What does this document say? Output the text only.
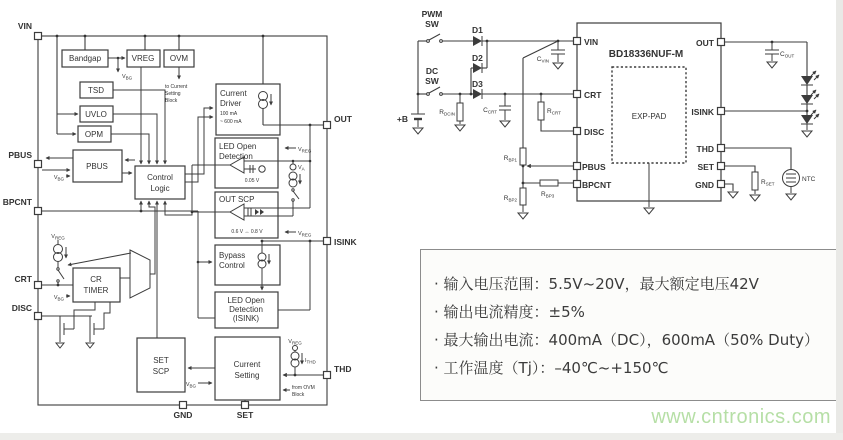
Bandgap	VREG OVM
$V_{BG}$
to Current
Setting
Block
TSD
UVLO
OPM
PBUS
$V_{BG}$	Control
Logic
Current
Driver
100 mA
~ 600 mA
LED Open
Detection
0.05 V
$V_{REG}$
$V_A$
OUT SCP
0.6 V ↔ 0.8 V	$V_{REG}$
$V_{REG}$
CR
TIMER
$V_{BG}$
Bypass
Control
LED Open
Detection
(ISINK)
SET
SCP
Current
Setting
$V_{BG}$	from OVM
Block
$V_{REG}$
$I_{THD}$
VIN
PBUS
BPCNT
CRT
DISC
GND	SET
OUT
ISINK
THD
BD18336NUF-M
EXP-PAD
PWM
SW
D1
D2
DC
SW	D3
+B
$R_{DCIN}$	$C_{CRT}$	$R_{CRT}$
$C_{VIN}$
$R_{BP1}$
$R_{BP2}$
$R_{BP3}$
$C_{OUT}$
NTC
$R_{SET}$
VIN
CRT
DISC
PBUS
BPCNT
OUT
ISINK
THD
SET
GND
· 输入电压范围：5.5V~20V，最大额定电压42V
· 输出电流精度：±5%
· 最大输出电流：400mA（DC），600mA（50% Duty）
· 工作温度（Tj）：–40℃~+150℃
www.cntronics.com
